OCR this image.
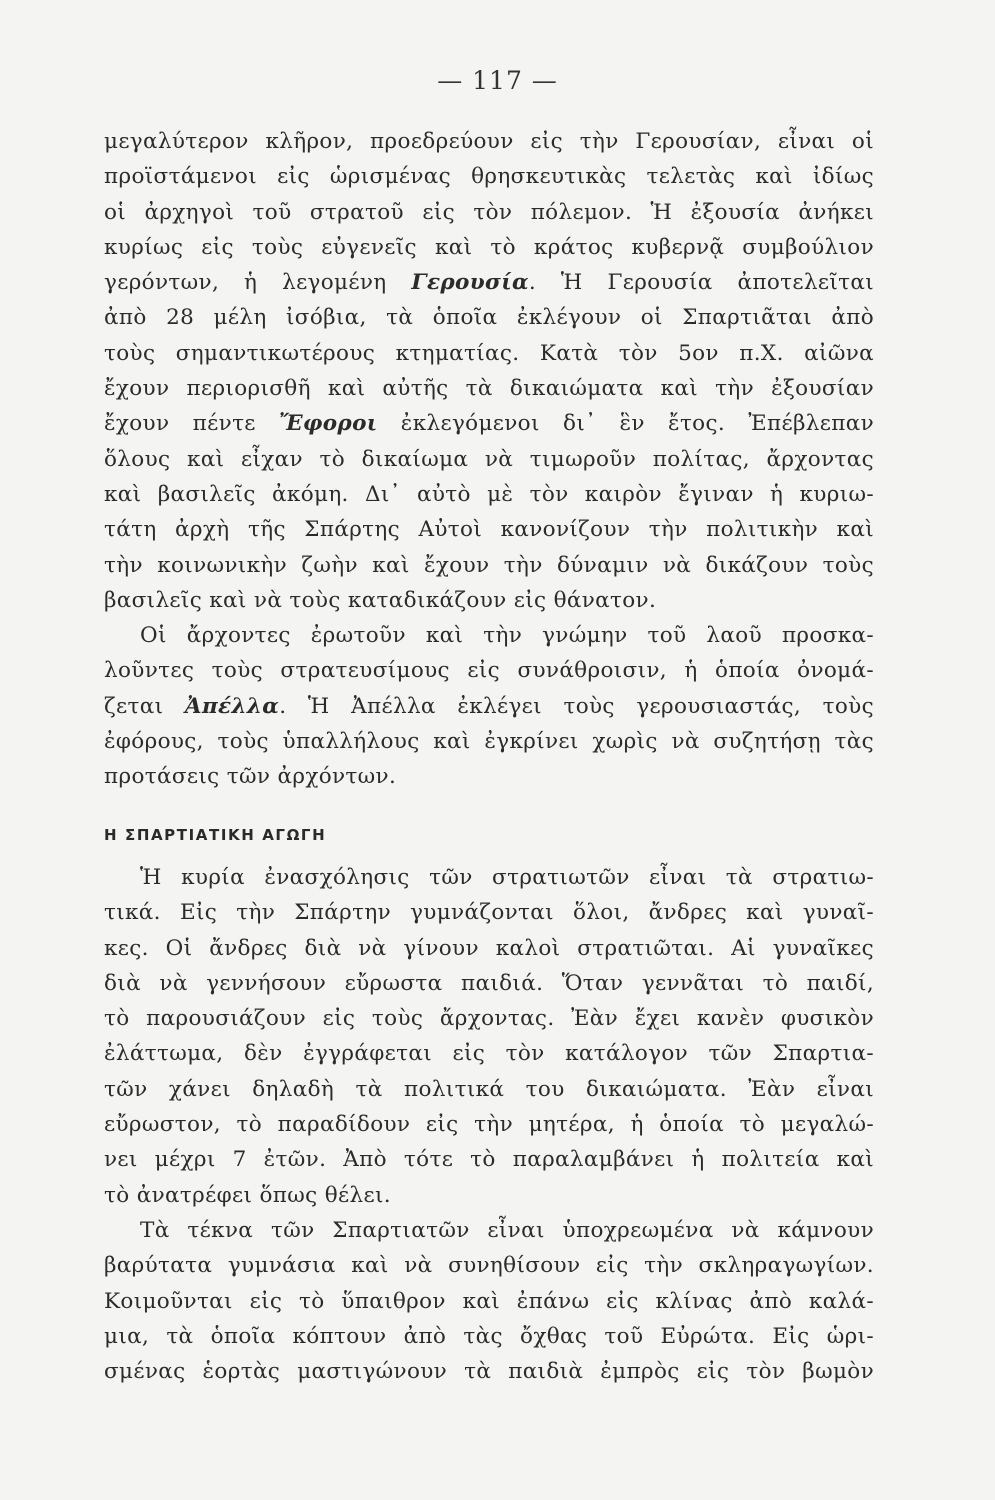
— 117 —
μεγαλύτερον κλῆρον, προεδρεύουν εἰς τὴν Γερουσίαν, εἶναι οἱ
προϊστάμενοι εἰς ὡρισμένας θρησκευτικὰς τελετὰς καὶ ἰδίως
οἱ ἀρχηγοὶ τοῦ στρατοῦ εἰς τὸν πόλεμον. Ἡ ἐξουσία ἀνήκει
κυρίως εἰς τοὺς εὐγενεῖς καὶ τὸ κράτος κυβερνᾷ συμβούλιον
γερόντων, ἡ λεγομένη Γερουσία. Ἡ Γερουσία ἀποτελεῖται
ἀπὸ 28 μέλη ἰσόβια, τὰ ὁποῖα ἐκλέγουν οἱ Σπαρτιᾶται ἀπὸ
τοὺς σημαντικωτέρους κτηματίας. Κατὰ τὸν 5ον π.Χ. αἰῶνα
ἔχουν περιορισθῆ καὶ αὐτῆς τὰ δικαιώματα καὶ τὴν ἐξουσίαν
ἔχουν πέντε Ἔφοροι ἐκλεγόμενοι δι᾿ ἓν ἔτος. Ἐπέβλεπαν
ὅλους καὶ εἶχαν τὸ δικαίωμα νὰ τιμωροῦν πολίτας, ἄρχοντας
καὶ βασιλεῖς ἀκόμη. Δι᾿ αὐτὸ μὲ τὸν καιρὸν ἔγιναν ἡ κυριω-
τάτη ἀρχὴ τῆς Σπάρτης Αὐτοὶ κανονίζουν τὴν πολιτικὴν καὶ
τὴν κοινωνικὴν ζωὴν καὶ ἔχουν τὴν δύναμιν νὰ δικάζουν τοὺς
βασιλεῖς καὶ νὰ τοὺς καταδικάζουν εἰς θάνατον.
Οἱ ἄρχοντες ἐρωτοῦν καὶ τὴν γνώμην τοῦ λαοῦ προσκα-
λοῦντες τοὺς στρατευσίμους εἰς συνάθροισιν, ἡ ὁποία ὀνομά-
ζεται Ἀπέλλα. Ἡ Ἀπέλλα ἐκλέγει τοὺς γερουσιαστάς, τοὺς
ἐφόρους, τοὺς ὑπαλλήλους καὶ ἐγκρίνει χωρὶς νὰ συζητήσῃ τὰς
προτάσεις τῶν ἀρχόντων.
Η ΣΠΑΡΤΙΑΤΙΚΗ ΑΓΩΓΗ
Ἡ κυρία ἐνασχόλησις τῶν στρατιωτῶν εἶναι τὰ στρατιω-
τικά. Εἰς τὴν Σπάρτην γυμνάζονται ὅλοι, ἄνδρες καὶ γυναῖ-
κες. Οἱ ἄνδρες διὰ νὰ γίνουν καλοὶ στρατιῶται. Αἱ γυναῖκες
διὰ νὰ γεννήσουν εὔρωστα παιδιά. Ὅταν γεννᾶται τὸ παιδί,
τὸ παρουσιάζουν εἰς τοὺς ἄρχοντας. Ἐὰν ἔχει κανὲν φυσικὸν
ἐλάττωμα, δὲν ἐγγράφεται εἰς τὸν κατάλογον τῶν Σπαρτια-
τῶν χάνει δηλαδὴ τὰ πολιτικά του δικαιώματα. Ἐὰν εἶναι
εὔρωστον, τὸ παραδίδουν εἰς τὴν μητέρα, ἡ ὁποία τὸ μεγαλώ-
νει μέχρι 7 ἐτῶν. Ἀπὸ τότε τὸ παραλαμβάνει ἡ πολιτεία καὶ
τὸ ἀνατρέφει ὅπως θέλει.
Τὰ τέκνα τῶν Σπαρτιατῶν εἶναι ὑποχρεωμένα νὰ κάμνουν
βαρύτατα γυμνάσια καὶ νὰ συνηθίσουν εἰς τὴν σκληραγωγίων.
Κοιμοῦνται εἰς τὸ ὕπαιθρον καὶ ἐπάνω εἰς κλίνας ἀπὸ καλά-
μια, τὰ ὁποῖα κόπτουν ἀπὸ τὰς ὄχθας τοῦ Εὐρώτα. Εἰς ὡρι-
σμένας ἑορτὰς μαστιγώνουν τὰ παιδιὰ ἐμπρὸς εἰς τὸν βωμὸν
